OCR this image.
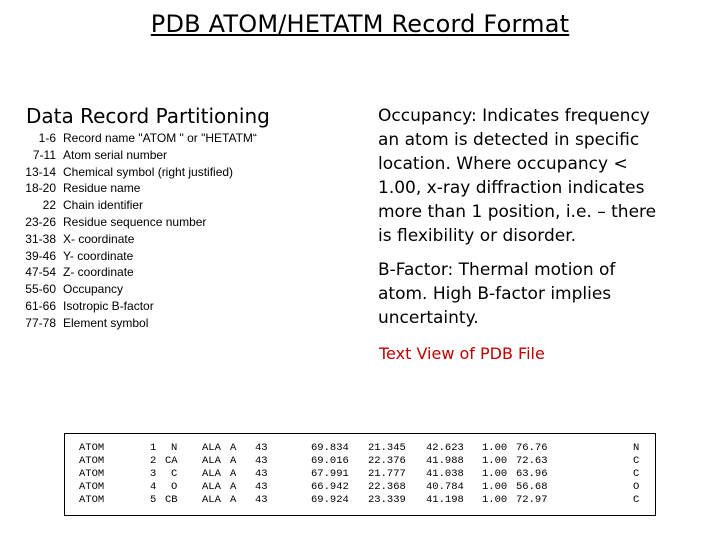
PDB ATOM/HETATM Record Format
Data Record Partitioning
1-6	Record name "ATOM " or "HETATM“
7-11	Atom serial number
13-14	Chemical symbol (right justified)
18-20	Residue name
22	Chain identifier
23-26	Residue sequence number
31-38	X- coordinate
39-46	Y- coordinate
47-54	Z- coordinate
55-60	Occupancy
61-66	Isotropic B-factor
77-78	Element symbol
Occupancy: Indicates frequency an atom is detected in specific location. Where occupancy < 1.00, x-ray diffraction indicates more than 1 position, i.e. – there is flexibility or disorder.
B-Factor: Thermal motion of atom. High B-factor implies uncertainty.
Text View of PDB File
ATOM	1 N ALA A 43	69.834 21.345 42.623 1.00 76.76	N
ATOM	2 CA ALA A 43	69.016 22.376 41.988 1.00 72.63	C
ATOM	3 C ALA A 43	67.991 21.777 41.038 1.00 63.96	C
ATOM	4 O ALA A 43	66.942 22.368 40.784 1.00 56.68	O
ATOM	5 CB ALA A 43	69.924 23.339 41.198 1.00 72.97	C
